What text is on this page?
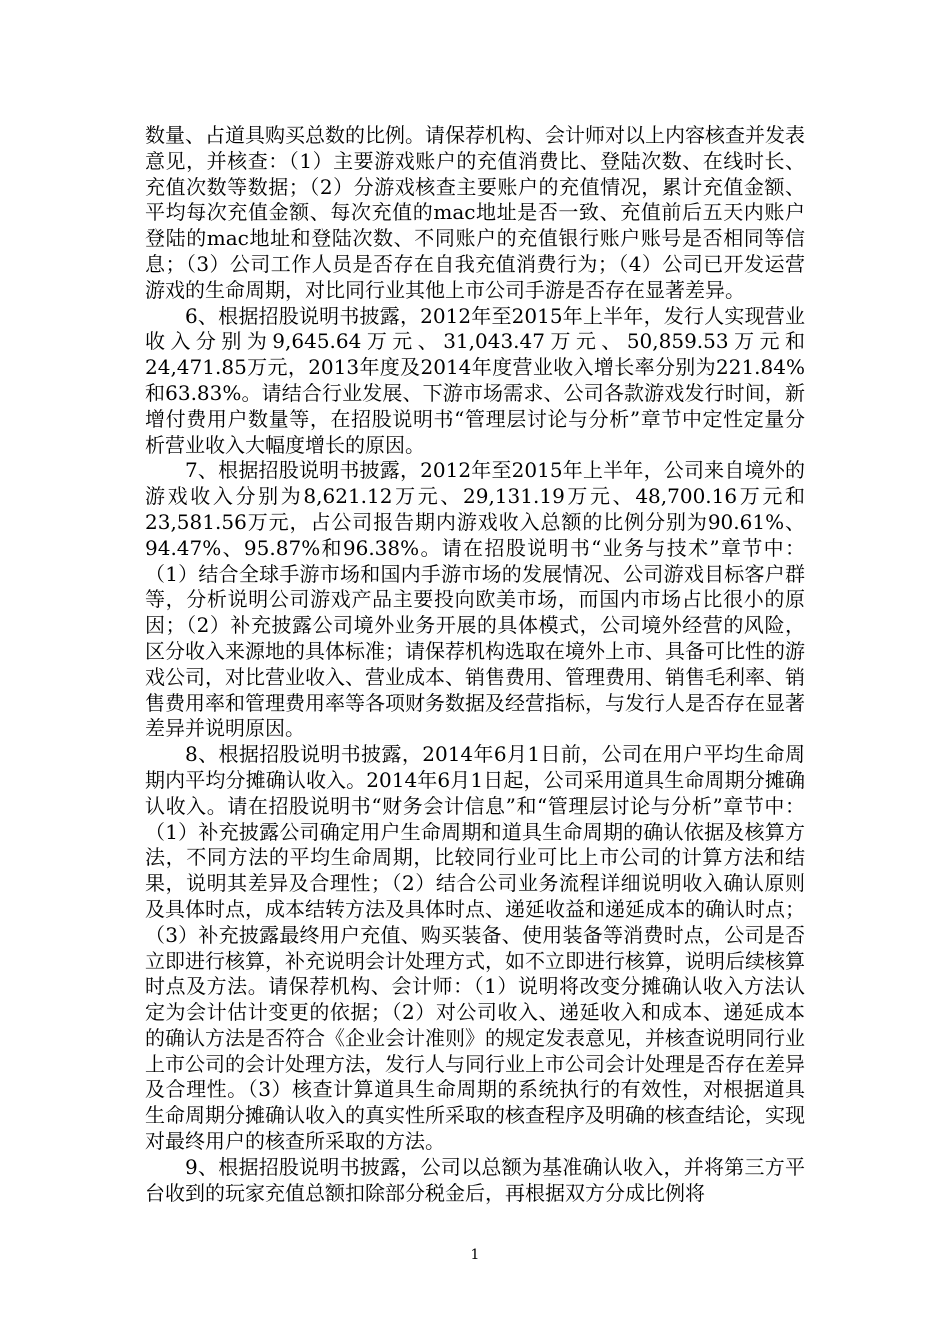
数量、占道具购买总数的比例。请保荐机构、会计师对以上内容核查并发表意见，并核查：（1）主要游戏账户的充值消费比、登陆次数、在线时长、充值次数等数据；（2）分游戏核查主要账户的充值情况，累计充值金额、平均每次充值金额、每次充值的mac地址是否一致、充值前后五天内账户登陆的mac地址和登陆次数、不同账户的充值银行账户账号是否相同等信息；（3）公司工作人员是否存在自我充值消费行为；（4）公司已开发运营游戏的生命周期，对比同行业其他上市公司手游是否存在显著差异。

6、根据招股说明书披露，2012年至2015年上半年，发行人实现营业收入分别为9,645.64万元、31,043.47万元、50,859.53万元和24,471.85万元，2013年度及2014年度营业收入增长率分别为221.84%和63.83%。请结合行业发展、下游市场需求、公司各款游戏发行时间，新增付费用户数量等，在招股说明书“管理层讨论与分析”章节中定性定量分析营业收入大幅度增长的原因。

7、根据招股说明书披露，2012年至2015年上半年，公司来自境外的游戏收入分别为8,621.12万元、29,131.19万元、48,700.16万元和23,581.56万元，占公司报告期内游戏收入总额的比例分别为90.61%、94.47%、95.87%和96.38%。请在招股说明书“业务与技术”章节中：（1）结合全球手游市场和国内手游市场的发展情况、公司游戏目标客户群等，分析说明公司游戏产品主要投向欧美市场，而国内市场占比很小的原因；（2）补充披露公司境外业务开展的具体模式，公司境外经营的风险，区分收入来源地的具体标准；请保荐机构选取在境外上市、具备可比性的游戏公司，对比营业收入、营业成本、销售费用、管理费用、销售毛利率、销售费用率和管理费用率等各项财务数据及经营指标，与发行人是否存在显著差异并说明原因。

8、根据招股说明书披露，2014年6月1日前，公司在用户平均生命周期内平均分摊确认收入。2014年6月1日起，公司采用道具生命周期分摊确认收入。请在招股说明书“财务会计信息”和“管理层讨论与分析”章节中：（1）补充披露公司确定用户生命周期和道具生命周期的确认依据及核算方法，不同方法的平均生命周期，比较同行业可比上市公司的计算方法和结果，说明其差异及合理性；（2）结合公司业务流程详细说明收入确认原则及具体时点，成本结转方法及具体时点、递延收益和递延成本的确认时点；（3）补充披露最终用户充值、购买装备、使用装备等消费时点，公司是否立即进行核算，补充说明会计处理方式，如不立即进行核算，说明后续核算时点及方法。请保荐机构、会计师：（1）说明将改变分摊确认收入方法认定为会计估计变更的依据；（2）对公司收入、递延收入和成本、递延成本的确认方法是否符合《企业会计准则》的规定发表意见，并核查说明同行业上市公司的会计处理方法，发行人与同行业上市公司会计处理是否存在差异及合理性。（3）核查计算道具生命周期的系统执行的有效性，对根据道具生命周期分摊确认收入的真实性所采取的核查程序及明确的核查结论，实现对最终用户的核查所采取的方法。

9、根据招股说明书披露，公司以总额为基准确认收入，并将第三方平台收到的玩家充值总额扣除部分税金后，再根据双方分成比例将

1
